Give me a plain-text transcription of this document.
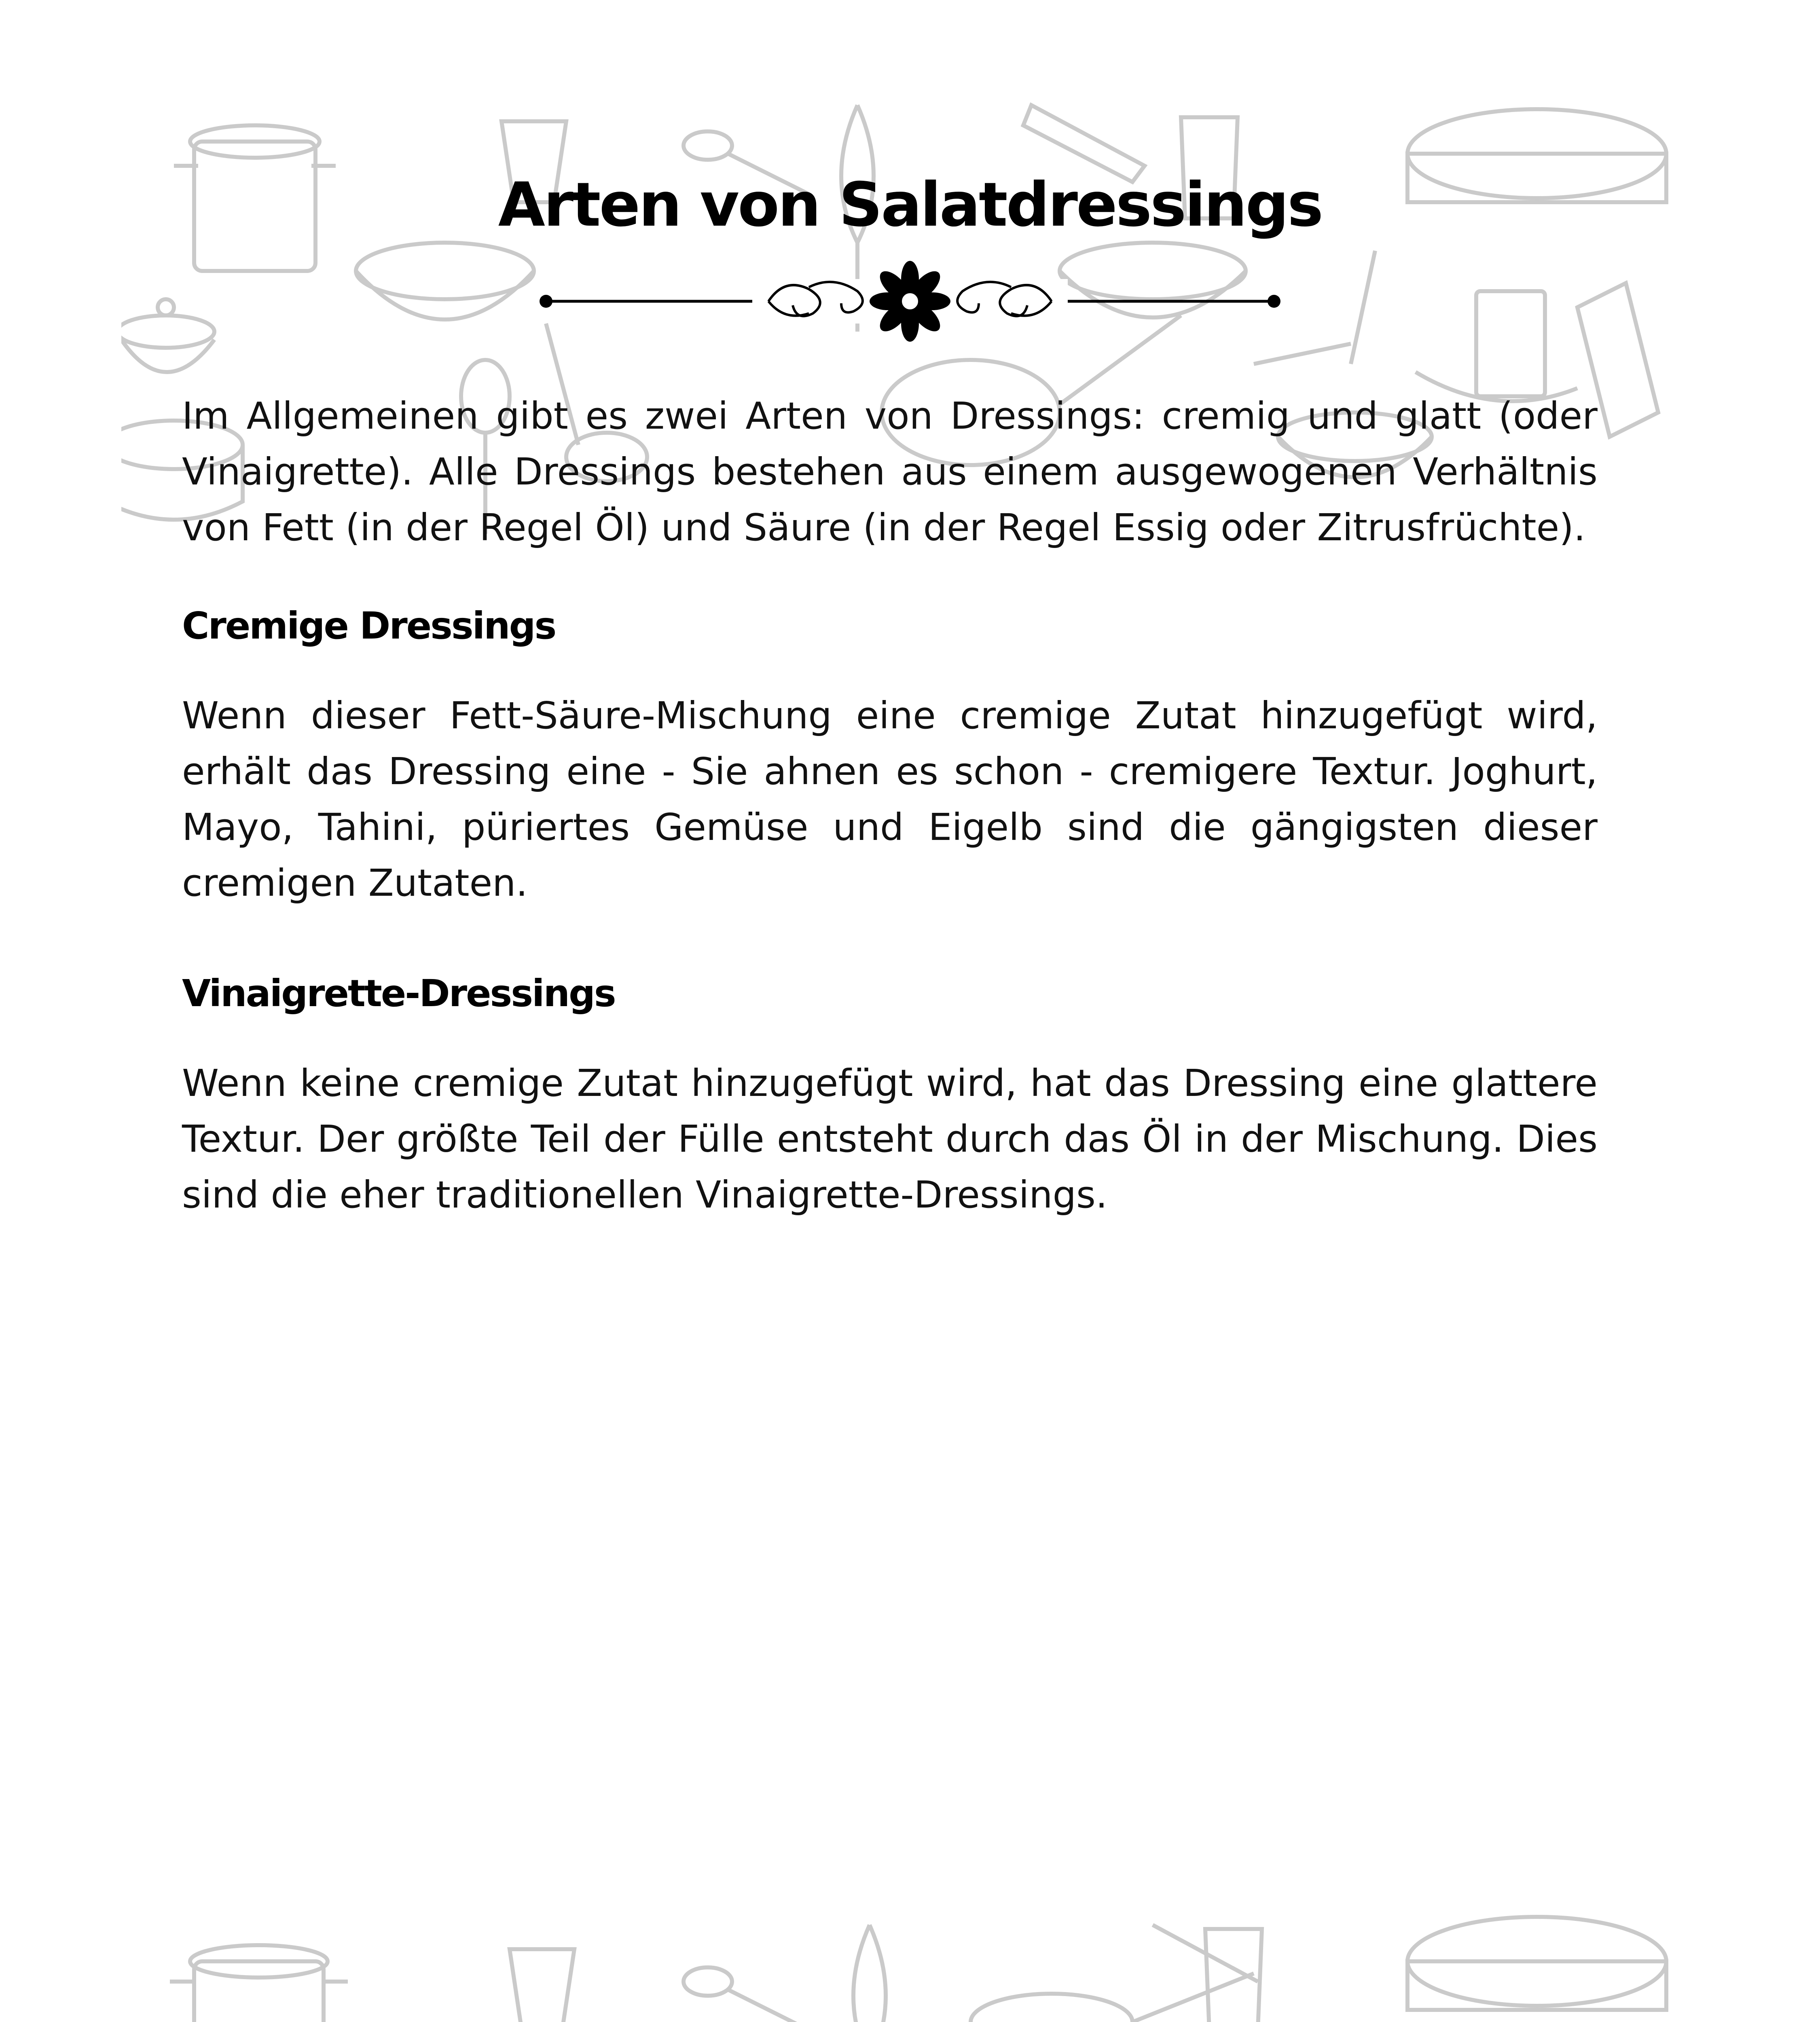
Arten von Salatdressings

Im Allgemeinen gibt es zwei Arten von Dressings: cremig und glatt (oder Vinaigrette). Alle Dressings bestehen aus einem ausgewogenen Verhältnis von Fett (in der Regel Öl) und Säure (in der Regel Essig oder Zitrusfrüchte).

Cremige Dressings

Wenn dieser Fett-Säure-Mischung eine cremige Zutat hinzugefügt wird, erhält das Dressing eine - Sie ahnen es schon - cremigere Textur. Joghurt, Mayo, Tahini, püriertes Gemüse und Eigelb sind die gängigsten dieser cremigen Zutaten.

Vinaigrette-Dressings

Wenn keine cremige Zutat hinzugefügt wird, hat das Dressing eine glattere Textur. Der größte Teil der Fülle entsteht durch das Öl in der Mischung. Dies sind die eher traditionellen Vinaigrette-Dressings.
